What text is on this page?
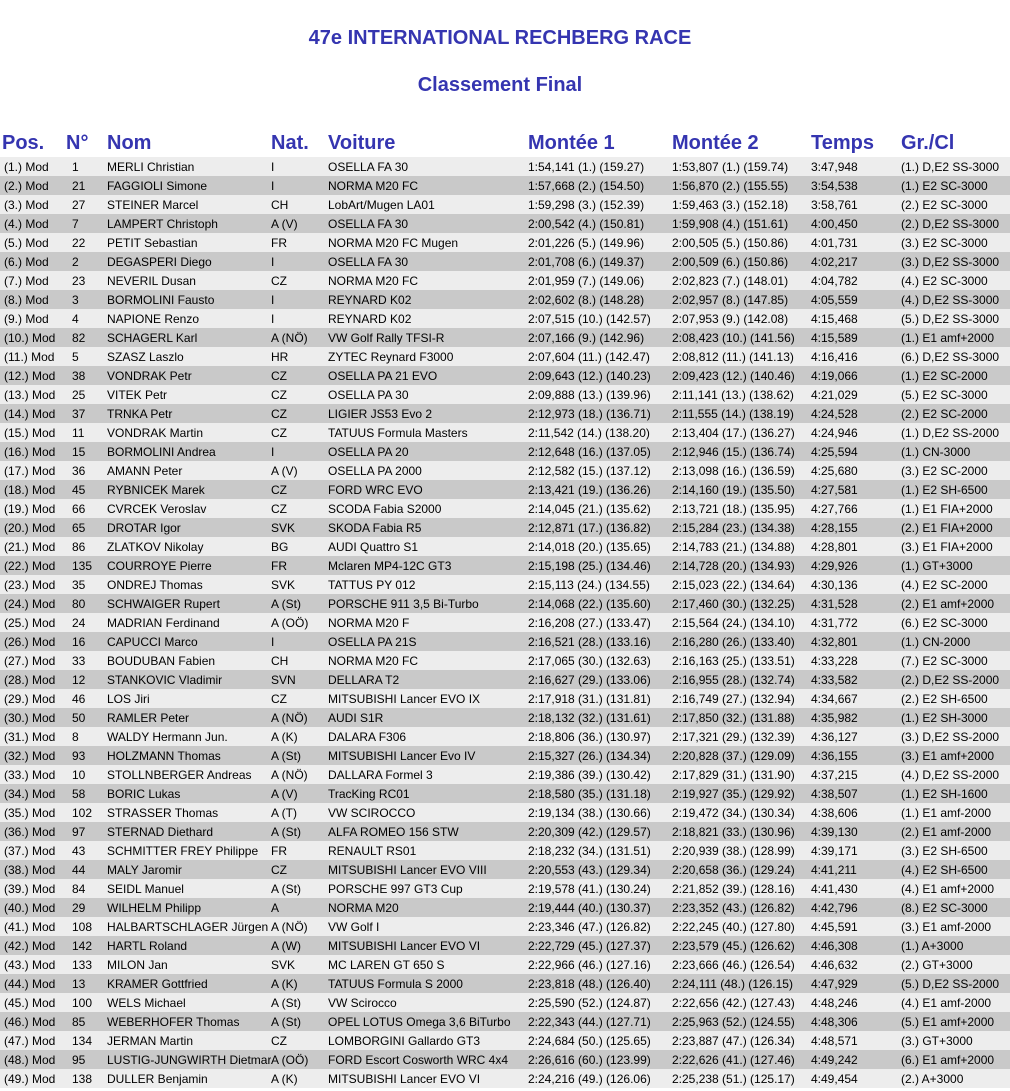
47e INTERNATIONAL RECHBERG RACE
Classement Final
Pos.	N°	Nom	Nat.	Voiture	Montée 1	Montée 2	Temps	Gr./Cl
(1.) Mod	1	MERLI Christian	I	OSELLA FA 30	1:54,141 (1.) (159.27)	1:53,807 (1.) (159.74)	3:47,948	(1.) D,E2 SS-3000
(2.) Mod	21	FAGGIOLI Simone	I	NORMA M20 FC	1:57,668 (2.) (154.50)	1:56,870 (2.) (155.55)	3:54,538	(1.) E2 SC-3000
(3.) Mod	27	STEINER Marcel	CH	LobArt/Mugen LA01	1:59,298 (3.) (152.39)	1:59,463 (3.) (152.18)	3:58,761	(2.) E2 SC-3000
(4.) Mod	7	LAMPERT Christoph	A (V)	OSELLA FA 30	2:00,542 (4.) (150.81)	1:59,908 (4.) (151.61)	4:00,450	(2.) D,E2 SS-3000
(5.) Mod	22	PETIT Sebastian	FR	NORMA M20 FC Mugen	2:01,226 (5.) (149.96)	2:00,505 (5.) (150.86)	4:01,731	(3.) E2 SC-3000
(6.) Mod	2	DEGASPERI Diego	I	OSELLA FA 30	2:01,708 (6.) (149.37)	2:00,509 (6.) (150.86)	4:02,217	(3.) D,E2 SS-3000
(7.) Mod	23	NEVERIL Dusan	CZ	NORMA M20 FC	2:01,959 (7.) (149.06)	2:02,823 (7.) (148.01)	4:04,782	(4.) E2 SC-3000
(8.) Mod	3	BORMOLINI Fausto	I	REYNARD K02	2:02,602 (8.) (148.28)	2:02,957 (8.) (147.85)	4:05,559	(4.) D,E2 SS-3000
(9.) Mod	4	NAPIONE Renzo	I	REYNARD K02	2:07,515 (10.) (142.57)	2:07,953 (9.) (142.08)	4:15,468	(5.) D,E2 SS-3000
(10.) Mod	82	SCHAGERL Karl	A (NÖ)	VW Golf Rally TFSI-R	2:07,166 (9.) (142.96)	2:08,423 (10.) (141.56)	4:15,589	(1.) E1 amf+2000
(11.) Mod	5	SZASZ Laszlo	HR	ZYTEC Reynard F3000	2:07,604 (11.) (142.47)	2:08,812 (11.) (141.13)	4:16,416	(6.) D,E2 SS-3000
(12.) Mod	38	VONDRAK Petr	CZ	OSELLA PA 21 EVO	2:09,643 (12.) (140.23)	2:09,423 (12.) (140.46)	4:19,066	(1.) E2 SC-2000
(13.) Mod	25	VITEK Petr	CZ	OSELLA PA 30	2:09,888 (13.) (139.96)	2:11,141 (13.) (138.62)	4:21,029	(5.) E2 SC-3000
(14.) Mod	37	TRNKA Petr	CZ	LIGIER JS53 Evo 2	2:12,973 (18.) (136.71)	2:11,555 (14.) (138.19)	4:24,528	(2.) E2 SC-2000
(15.) Mod	11	VONDRAK Martin	CZ	TATUUS Formula Masters	2:11,542 (14.) (138.20)	2:13,404 (17.) (136.27)	4:24,946	(1.) D,E2 SS-2000
(16.) Mod	15	BORMOLINI Andrea	I	OSELLA PA 20	2:12,648 (16.) (137.05)	2:12,946 (15.) (136.74)	4:25,594	(1.) CN-3000
(17.) Mod	36	AMANN Peter	A (V)	OSELLA PA 2000	2:12,582 (15.) (137.12)	2:13,098 (16.) (136.59)	4:25,680	(3.) E2 SC-2000
(18.) Mod	45	RYBNICEK Marek	CZ	FORD WRC EVO	2:13,421 (19.) (136.26)	2:14,160 (19.) (135.50)	4:27,581	(1.) E2 SH-6500
(19.) Mod	66	CVRCEK Veroslav	CZ	SCODA Fabia S2000	2:14,045 (21.) (135.62)	2:13,721 (18.) (135.95)	4:27,766	(1.) E1 FIA+2000
(20.) Mod	65	DROTAR Igor	SVK	SKODA Fabia R5	2:12,871 (17.) (136.82)	2:15,284 (23.) (134.38)	4:28,155	(2.) E1 FIA+2000
(21.) Mod	86	ZLATKOV Nikolay	BG	AUDI Quattro S1	2:14,018 (20.) (135.65)	2:14,783 (21.) (134.88)	4:28,801	(3.) E1 FIA+2000
(22.) Mod	135	COURROYE Pierre	FR	Mclaren MP4-12C GT3	2:15,198 (25.) (134.46)	2:14,728 (20.) (134.93)	4:29,926	(1.) GT+3000
(23.) Mod	35	ONDREJ Thomas	SVK	TATTUS PY 012	2:15,113 (24.) (134.55)	2:15,023 (22.) (134.64)	4:30,136	(4.) E2 SC-2000
(24.) Mod	80	SCHWAIGER Rupert	A (St)	PORSCHE 911 3,5 Bi-Turbo	2:14,068 (22.) (135.60)	2:17,460 (30.) (132.25)	4:31,528	(2.) E1 amf+2000
(25.) Mod	24	MADRIAN Ferdinand	A (OÖ)	NORMA M20 F	2:16,208 (27.) (133.47)	2:15,564 (24.) (134.10)	4:31,772	(6.) E2 SC-3000
(26.) Mod	16	CAPUCCI Marco	I	OSELLA PA 21S	2:16,521 (28.) (133.16)	2:16,280 (26.) (133.40)	4:32,801	(1.) CN-2000
(27.) Mod	33	BOUDUBAN Fabien	CH	NORMA M20 FC	2:17,065 (30.) (132.63)	2:16,163 (25.) (133.51)	4:33,228	(7.) E2 SC-3000
(28.) Mod	12	STANKOVIC Vladimir	SVN	DELLARA T2	2:16,627 (29.) (133.06)	2:16,955 (28.) (132.74)	4:33,582	(2.) D,E2 SS-2000
(29.) Mod	46	LOS Jiri	CZ	MITSUBISHI Lancer EVO IX	2:17,918 (31.) (131.81)	2:16,749 (27.) (132.94)	4:34,667	(2.) E2 SH-6500
(30.) Mod	50	RAMLER Peter	A (NÖ)	AUDI S1R	2:18,132 (32.) (131.61)	2:17,850 (32.) (131.88)	4:35,982	(1.) E2 SH-3000
(31.) Mod	8	WALDY Hermann Jun.	A (K)	DALARA F306	2:18,806 (36.) (130.97)	2:17,321 (29.) (132.39)	4:36,127	(3.) D,E2 SS-2000
(32.) Mod	93	HOLZMANN Thomas	A (St)	MITSUBISHI Lancer Evo IV	2:15,327 (26.) (134.34)	2:20,828 (37.) (129.09)	4:36,155	(3.) E1 amf+2000
(33.) Mod	10	STOLLNBERGER Andreas	A (NÖ)	DALLARA Formel 3	2:19,386 (39.) (130.42)	2:17,829 (31.) (131.90)	4:37,215	(4.) D,E2 SS-2000
(34.) Mod	58	BORIC Lukas	A (V)	TracKing RC01	2:18,580 (35.) (131.18)	2:19,927 (35.) (129.92)	4:38,507	(1.) E2 SH-1600
(35.) Mod	102	STRASSER Thomas	A (T)	VW SCIROCCO	2:19,134 (38.) (130.66)	2:19,472 (34.) (130.34)	4:38,606	(1.) E1 amf-2000
(36.) Mod	97	STERNAD Diethard	A (St)	ALFA ROMEO 156 STW	2:20,309 (42.) (129.57)	2:18,821 (33.) (130.96)	4:39,130	(2.) E1 amf-2000
(37.) Mod	43	SCHMITTER FREY Philippe	FR	RENAULT RS01	2:18,232 (34.) (131.51)	2:20,939 (38.) (128.99)	4:39,171	(3.) E2 SH-6500
(38.) Mod	44	MALY Jaromir	CZ	MITSUBISHI Lancer EVO VIII	2:20,553 (43.) (129.34)	2:20,658 (36.) (129.24)	4:41,211	(4.) E2 SH-6500
(39.) Mod	84	SEIDL Manuel	A (St)	PORSCHE 997 GT3 Cup	2:19,578 (41.) (130.24)	2:21,852 (39.) (128.16)	4:41,430	(4.) E1 amf+2000
(40.) Mod	29	WILHELM Philipp	A	NORMA M20	2:19,444 (40.) (130.37)	2:23,352 (43.) (126.82)	4:42,796	(8.) E2 SC-3000
(41.) Mod	108	HALBARTSCHLAGER Jürgen	A (NÖ)	VW Golf I	2:23,346 (47.) (126.82)	2:22,245 (40.) (127.80)	4:45,591	(3.) E1 amf-2000
(42.) Mod	142	HARTL Roland	A (W)	MITSUBISHI Lancer EVO VI	2:22,729 (45.) (127.37)	2:23,579 (45.) (126.62)	4:46,308	(1.) A+3000
(43.) Mod	133	MILON Jan	SVK	MC LAREN GT 650 S	2:22,966 (46.) (127.16)	2:23,666 (46.) (126.54)	4:46,632	(2.) GT+3000
(44.) Mod	13	KRAMER Gottfried	A (K)	TATUUS Formula S 2000	2:23,818 (48.) (126.40)	2:24,111 (48.) (126.15)	4:47,929	(5.) D,E2 SS-2000
(45.) Mod	100	WELS Michael	A (St)	VW Scirocco	2:25,590 (52.) (124.87)	2:22,656 (42.) (127.43)	4:48,246	(4.) E1 amf-2000
(46.) Mod	85	WEBERHOFER Thomas	A (St)	OPEL LOTUS Omega 3,6 BiTurbo	2:22,343 (44.) (127.71)	2:25,963 (52.) (124.55)	4:48,306	(5.) E1 amf+2000
(47.) Mod	134	JERMAN Martin	CZ	LOMBORGINI Gallardo GT3	2:24,684 (50.) (125.65)	2:23,887 (47.) (126.34)	4:48,571	(3.) GT+3000
(48.) Mod	95	LUSTIG-JUNGWIRTH Dietmar	A (OÖ)	FORD Escort Cosworth WRC 4x4	2:26,616 (60.) (123.99)	2:22,626 (41.) (127.46)	4:49,242	(6.) E1 amf+2000
(49.) Mod	138	DULLER Benjamin	A (K)	MITSUBISHI Lancer EVO VI	2:24,216 (49.) (126.06)	2:25,238 (51.) (125.17)	4:49,454	(2.) A+3000
